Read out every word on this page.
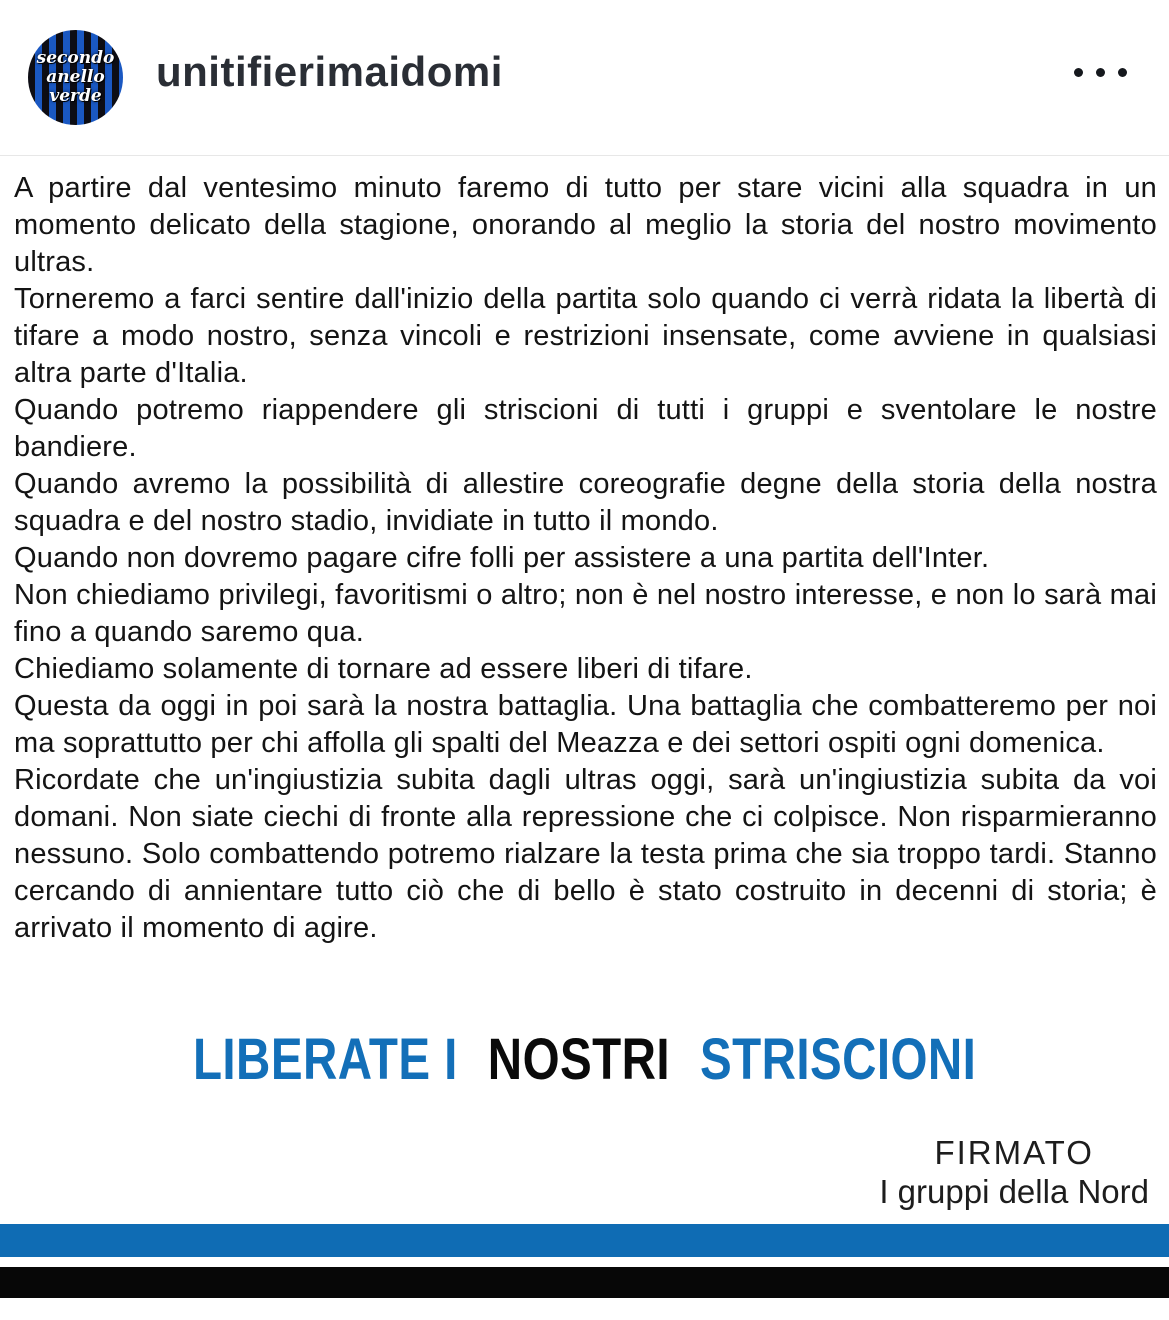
secondo
anello
verde
unitifierimaidomi

A partire dal ventesimo minuto faremo di tutto per stare vicini alla squadra in un momento delicato della stagione, onorando al meglio la storia del nostro movimento ultras.

Torneremo a farci sentire dall'inizio della partita solo quando ci verrà ridata la libertà di tifare a modo nostro, senza vincoli e restrizioni insensate, come avviene in qualsiasi altra parte d'Italia.

Quando potremo riappendere gli striscioni di tutti i gruppi e sventolare le nostre bandiere.

Quando avremo la possibilità di allestire coreografie degne della storia della nostra squadra e del nostro stadio, invidiate in tutto il mondo.

Quando non dovremo pagare cifre folli per assistere a una partita dell'Inter.

Non chiediamo privilegi, favoritismi o altro; non è nel nostro interesse, e non lo sarà mai fino a quando saremo qua.

Chiediamo solamente di tornare ad essere liberi di tifare.

Questa da oggi in poi sarà la nostra battaglia. Una battaglia che combatteremo per noi ma soprattutto per chi affolla gli spalti del Meazza e dei settori ospiti ogni domenica.

Ricordate che un'ingiustizia subita dagli ultras oggi, sarà un'ingiustizia subita da voi domani. Non siate ciechi di fronte alla repressione che ci colpisce. Non risparmieranno nessuno. Solo combattendo potremo rialzare la testa prima che sia troppo tardi. Stanno cercando di annientare tutto ciò che di bello è stato costruito in decenni di storia; è arrivato il momento di agire.

LIBERATE I NOSTRI STRISCIONI
FIRMATO
I gruppi della Nord
